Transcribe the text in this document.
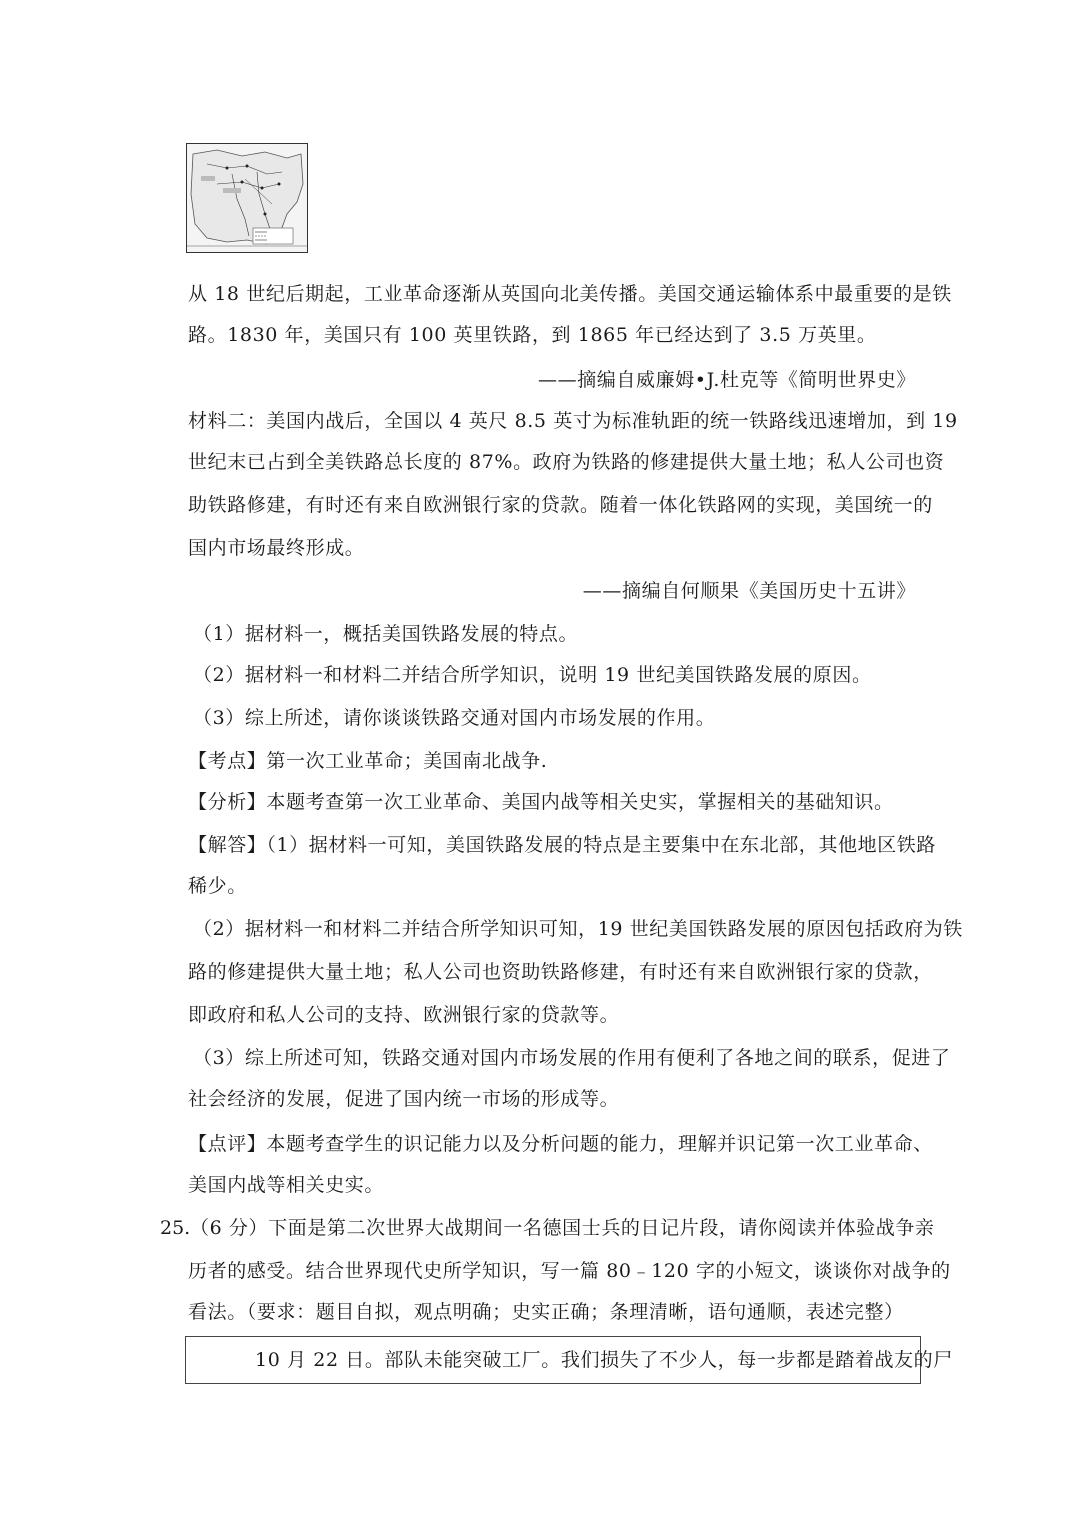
从 18 世纪后期起，工业革命逐渐从英国向北美传播。美国交通运输体系中最重要的是铁
路。1830 年，美国只有 100 英里铁路，到 1865 年已经达到了 3.5 万英里。
——摘编自威廉姆•J.杜克等《简明世界史》
材料二：美国内战后，全国以 4 英尺 8.5 英寸为标准轨距的统一铁路线迅速增加，到 19
世纪末已占到全美铁路总长度的 87%。政府为铁路的修建提供大量土地；私人公司也资
助铁路修建，有时还有来自欧洲银行家的贷款。随着一体化铁路网的实现，美国统一的
国内市场最终形成。
——摘编自何顺果《美国历史十五讲》
（1）据材料一，概括美国铁路发展的特点。
（2）据材料一和材料二并结合所学知识，说明 19 世纪美国铁路发展的原因。
（3）综上所述，请你谈谈铁路交通对国内市场发展的作用。
【考点】第一次工业革命；美国南北战争.
【分析】本题考查第一次工业革命、美国内战等相关史实，掌握相关的基础知识。
【解答】（1）据材料一可知，美国铁路发展的特点是主要集中在东北部，其他地区铁路
稀少。
（2）据材料一和材料二并结合所学知识可知，19 世纪美国铁路发展的原因包括政府为铁
路的修建提供大量土地；私人公司也资助铁路修建，有时还有来自欧洲银行家的贷款，
即政府和私人公司的支持、欧洲银行家的贷款等。
（3）综上所述可知，铁路交通对国内市场发展的作用有便利了各地之间的联系，促进了
社会经济的发展，促进了国内统一市场的形成等。
【点评】本题考查学生的识记能力以及分析问题的能力，理解并识记第一次工业革命、
美国内战等相关史实。
25. （6 分）下面是第二次世界大战期间一名德国士兵的日记片段，请你阅读并体验战争亲
历者的感受。结合世界现代史所学知识，写一篇 80﹣120 字的小短文，谈谈你对战争的
看法。（要求：题目自拟，观点明确；史实正确；条理清晰，语句通顺，表述完整）
10 月 22 日。部队未能突破工厂。我们损失了不少人，每一步都是踏着战友的尸
